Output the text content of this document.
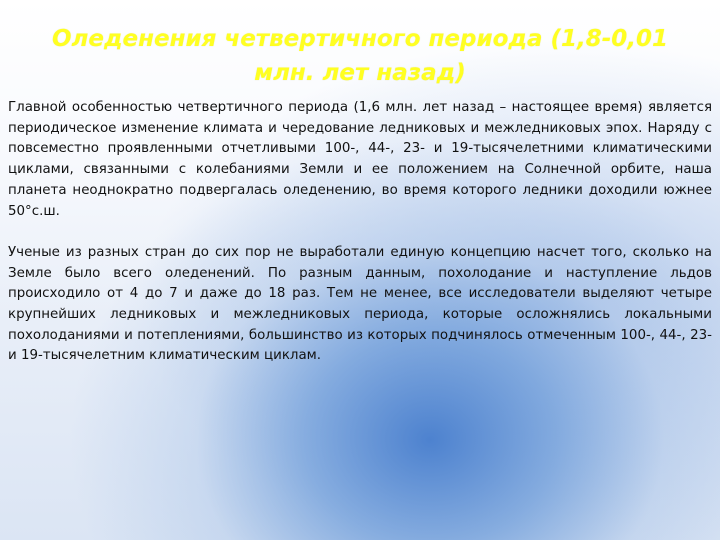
Оледенения четвертичного периода (1,8-0,01 млн. лет назад)

Главной особенностью четвертичного периода (1,6 млн. лет назад – настоящее время) является периодическое изменение климата и чередование ледниковых и межледниковых эпох. Наряду с повсеместно проявленными отчетливыми 100-, 44-, 23- и 19-тысячелетними климатическими циклами, связанными с колебаниями Земли и ее положением на Солнечной орбите, наша планета неоднократно подвергалась оледенению, во время которого ледники доходили южнее 50°с.ш.

Ученые из разных стран до сих пор не выработали единую концепцию насчет того, сколько на Земле было всего оледенений. По разным данным, похолодание и наступление льдов происходило от 4 до 7 и даже до 18 раз. Тем не менее, все исследователи выделяют четыре крупнейших ледниковых и межледниковых периода, которые осложнялись локальными похолоданиями и потеплениями, большинство из которых подчинялось отмеченным 100-, 44-, 23- и 19-тысячелетним климатическим циклам.
